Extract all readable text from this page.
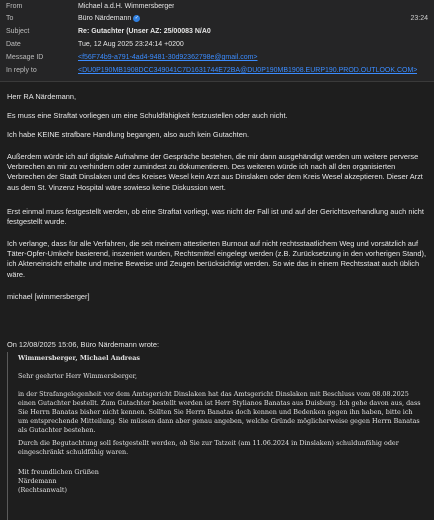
From	Michael a.d.H. Wimmersberger
To	Büro Närdemann ✓	23:24
Subject	Re: Gutachter (Unser AZ: 25/00083 N/A0
Date	Tue, 12 Aug 2025 23:24:14 +0200
Message ID	<f56F74b9-a791-4ad4-9481-30d92362798e@gmail.com>
In reply to	<DU0P190MB1908DCC349041C7D1631744E72BA@DU0P190MB1908.EURP190.PROD.OUTLOOK.COM>
Herr RA Närdemann,
Es muss eine Straftat vorliegen um eine Schuldfähigkeit festzustellen oder auch nicht.
Ich habe KEINE strafbare Handlung begangen, also auch kein Gutachten.
Außerdem würde ich auf digitale Aufnahme der Gespräche bestehen, die mir dann ausgehändigt werden um weitere perverse Verbrechen an mir zu verhindern oder zumindest zu dokumentieren. Des weiteren würde ich nach all den organisierten Verbrechen der Stadt Dinslaken und des Kreises Wesel kein Arzt aus Dinslaken oder dem Kreis Wesel akzeptieren. Dieser Arzt aus dem St. Vinzenz Hospital wäre sowieso keine Diskussion wert.
Erst einmal muss festgestellt werden, ob eine Straftat vorliegt, was nicht der Fall ist und auf der Gerichtsverhandlung auch nicht festgestellt wurde.
Ich verlange, dass für alle Verfahren, die seit meinem attestierten Burnout auf nicht rechtsstaatlichem Weg und vorsätzlich auf Täter-Opfer-Umkehr basierend, inszeniert wurden, Rechtsmittel eingelegt werden (z.B. Zurücksetzung in den vorherigen Stand), ich Akteneinsicht erhalte und meine Beweise und Zeugen berücksichtigt werden. So wie das in einem Rechtsstaat auch üblich wäre.
michael [wimmersberger]
On 12/08/2025 15:06, Büro Närdemann wrote:
Wimmersberger, Michael Andreas
Sehr geehrter Herr Wimmersberger,
in der Strafangelegenheit vor dem Amtsgericht Dinslaken hat das Amtsgericht Dinslaken mit Beschluss vom 08.08.2025 einen Gutachter bestellt. Zum Gutachter bestellt worden ist Herr Stylianos Banatas aus Duisburg. Ich gehe davon aus, dass Sie Herrn Banatas bisher nicht kennen. Sollten Sie Herrn Banatas doch kennen und Bedenken gegen ihn haben, bitte ich um entsprechende Mitteilung. Sie müssen dann aber genau angeben, welche Gründe möglicherweise gegen Herrn Banatas als Gutachter bestehen.
Durch die Begutachtung soll festgestellt werden, ob Sie zur Tatzeit (am 11.06.2024 in Dinslaken) schuldunfähig oder eingeschränkt schuldfähig waren.
Mit freundlichen Grüßen
Närdemann
(Rechtsanwalt)
